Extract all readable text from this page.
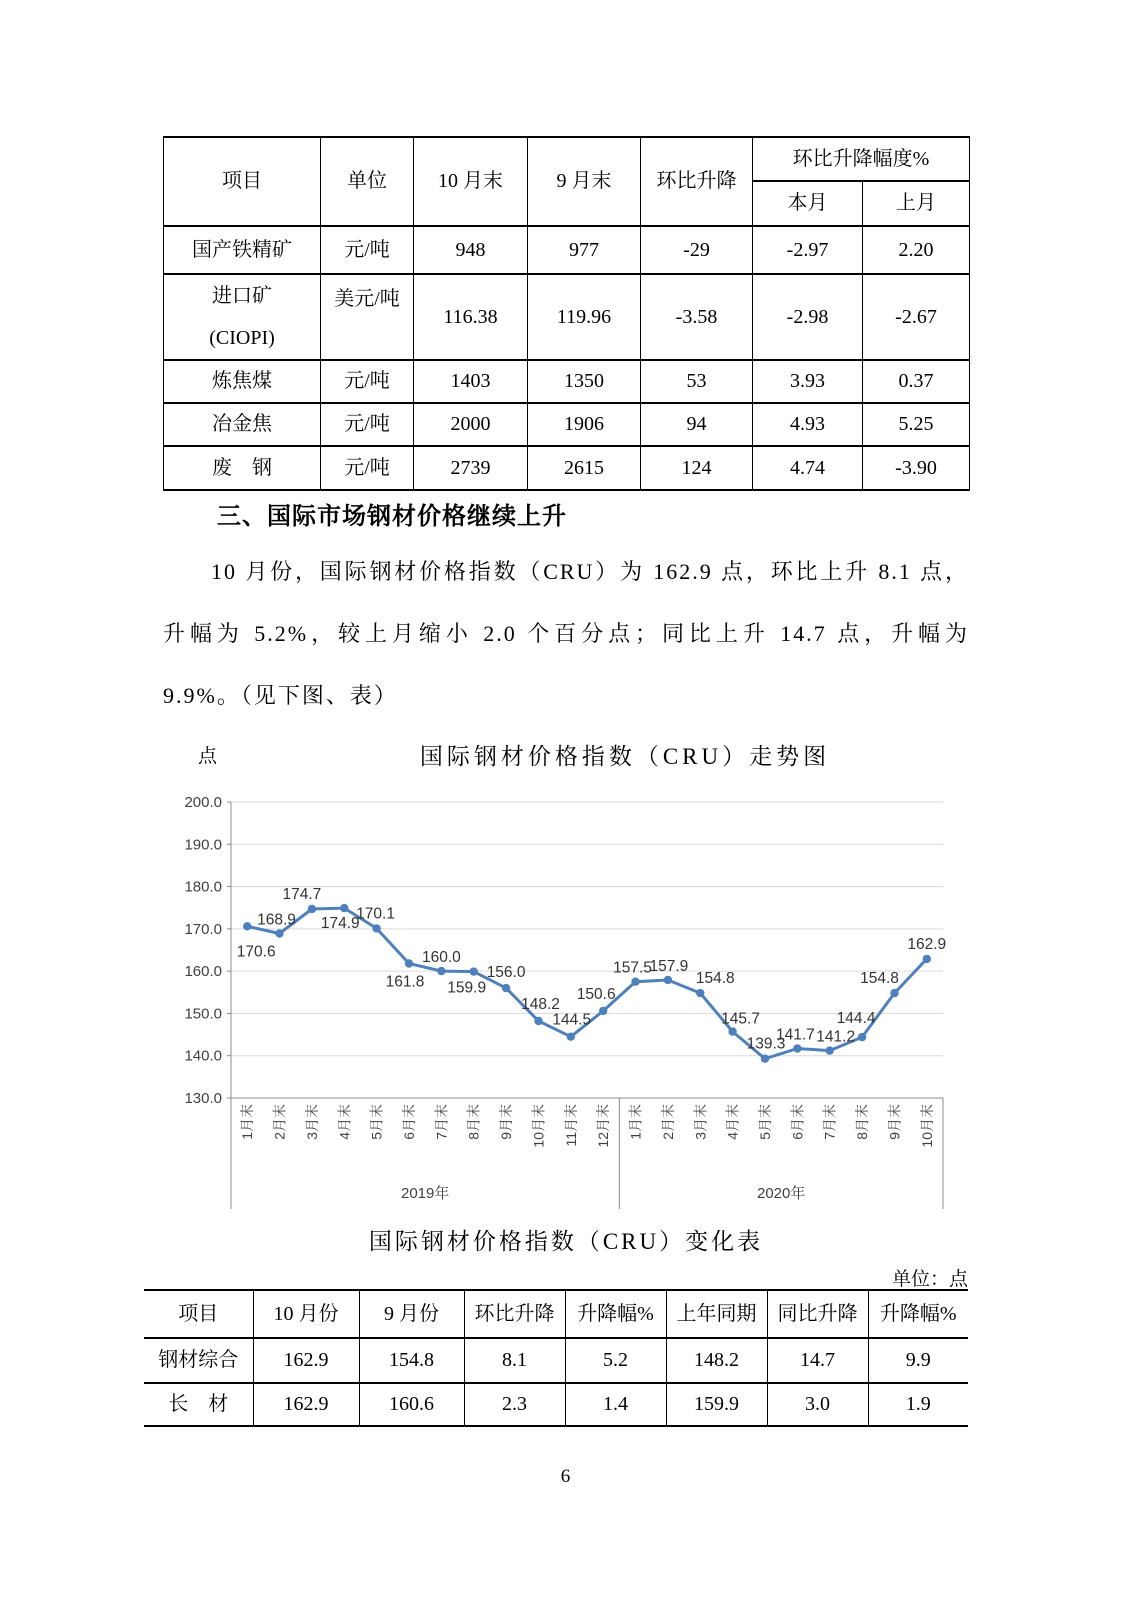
项目	单位	10 月末	9 月末	环比升降	环比升降幅度%	
					本月	上月
国产铁精矿	元/吨	948	977	-29	-2.97	2.20

进口矿
(CIOPI)	美元/吨	116.38	119.96	-3.58	-2.98	-2.67
炼焦煤	元/吨	1403	1350	53	3.93	0.37
冶金焦	元/吨	2000	1906	94	4.93	5.25
废　钢	元/吨	2739	2615	124	4.74	-3.90
三、国际市场钢材价格继续上升
10 月份，国际钢材价格指数（CRU）为 162.9 点，环比上升 8.1 点，升幅为 5.2%，较上月缩小 2.0 个百分点；同比上升 14.7 点，升幅为 9.9%。（见下图、表）
点	国际钢材价格指数（CRU）走势图
200.0
190.0
180.0
170.0
160.0
150.0
140.0
130.0
1月末 2月末 3月末 4月末 5月末 6月末 7月末 8月末 9月末 10月末 11月末 12月末 1月末 2月末 3月末 4月末 5月末 6月末 7月末 8月末 9月末 10月末
2019年	2020年
170.6
168.9
174.7
174.9
170.1
161.8
160.0
159.9
156.0
148.2
144.5
150.6
157.5
157.9
154.8
145.7
139.3
141.7 141.2
144.4
154.8
162.9
国际钢材价格指数（CRU）变化表
单位：点
项目	10 月份	9 月份	环比升降	升降幅%	上年同期	同比升降	升降幅%
钢材综合	162.9	154.8	8.1	5.2	148.2	14.7	9.9
长　材	162.9	160.6	2.3	1.4	159.9	3.0	1.9
6
